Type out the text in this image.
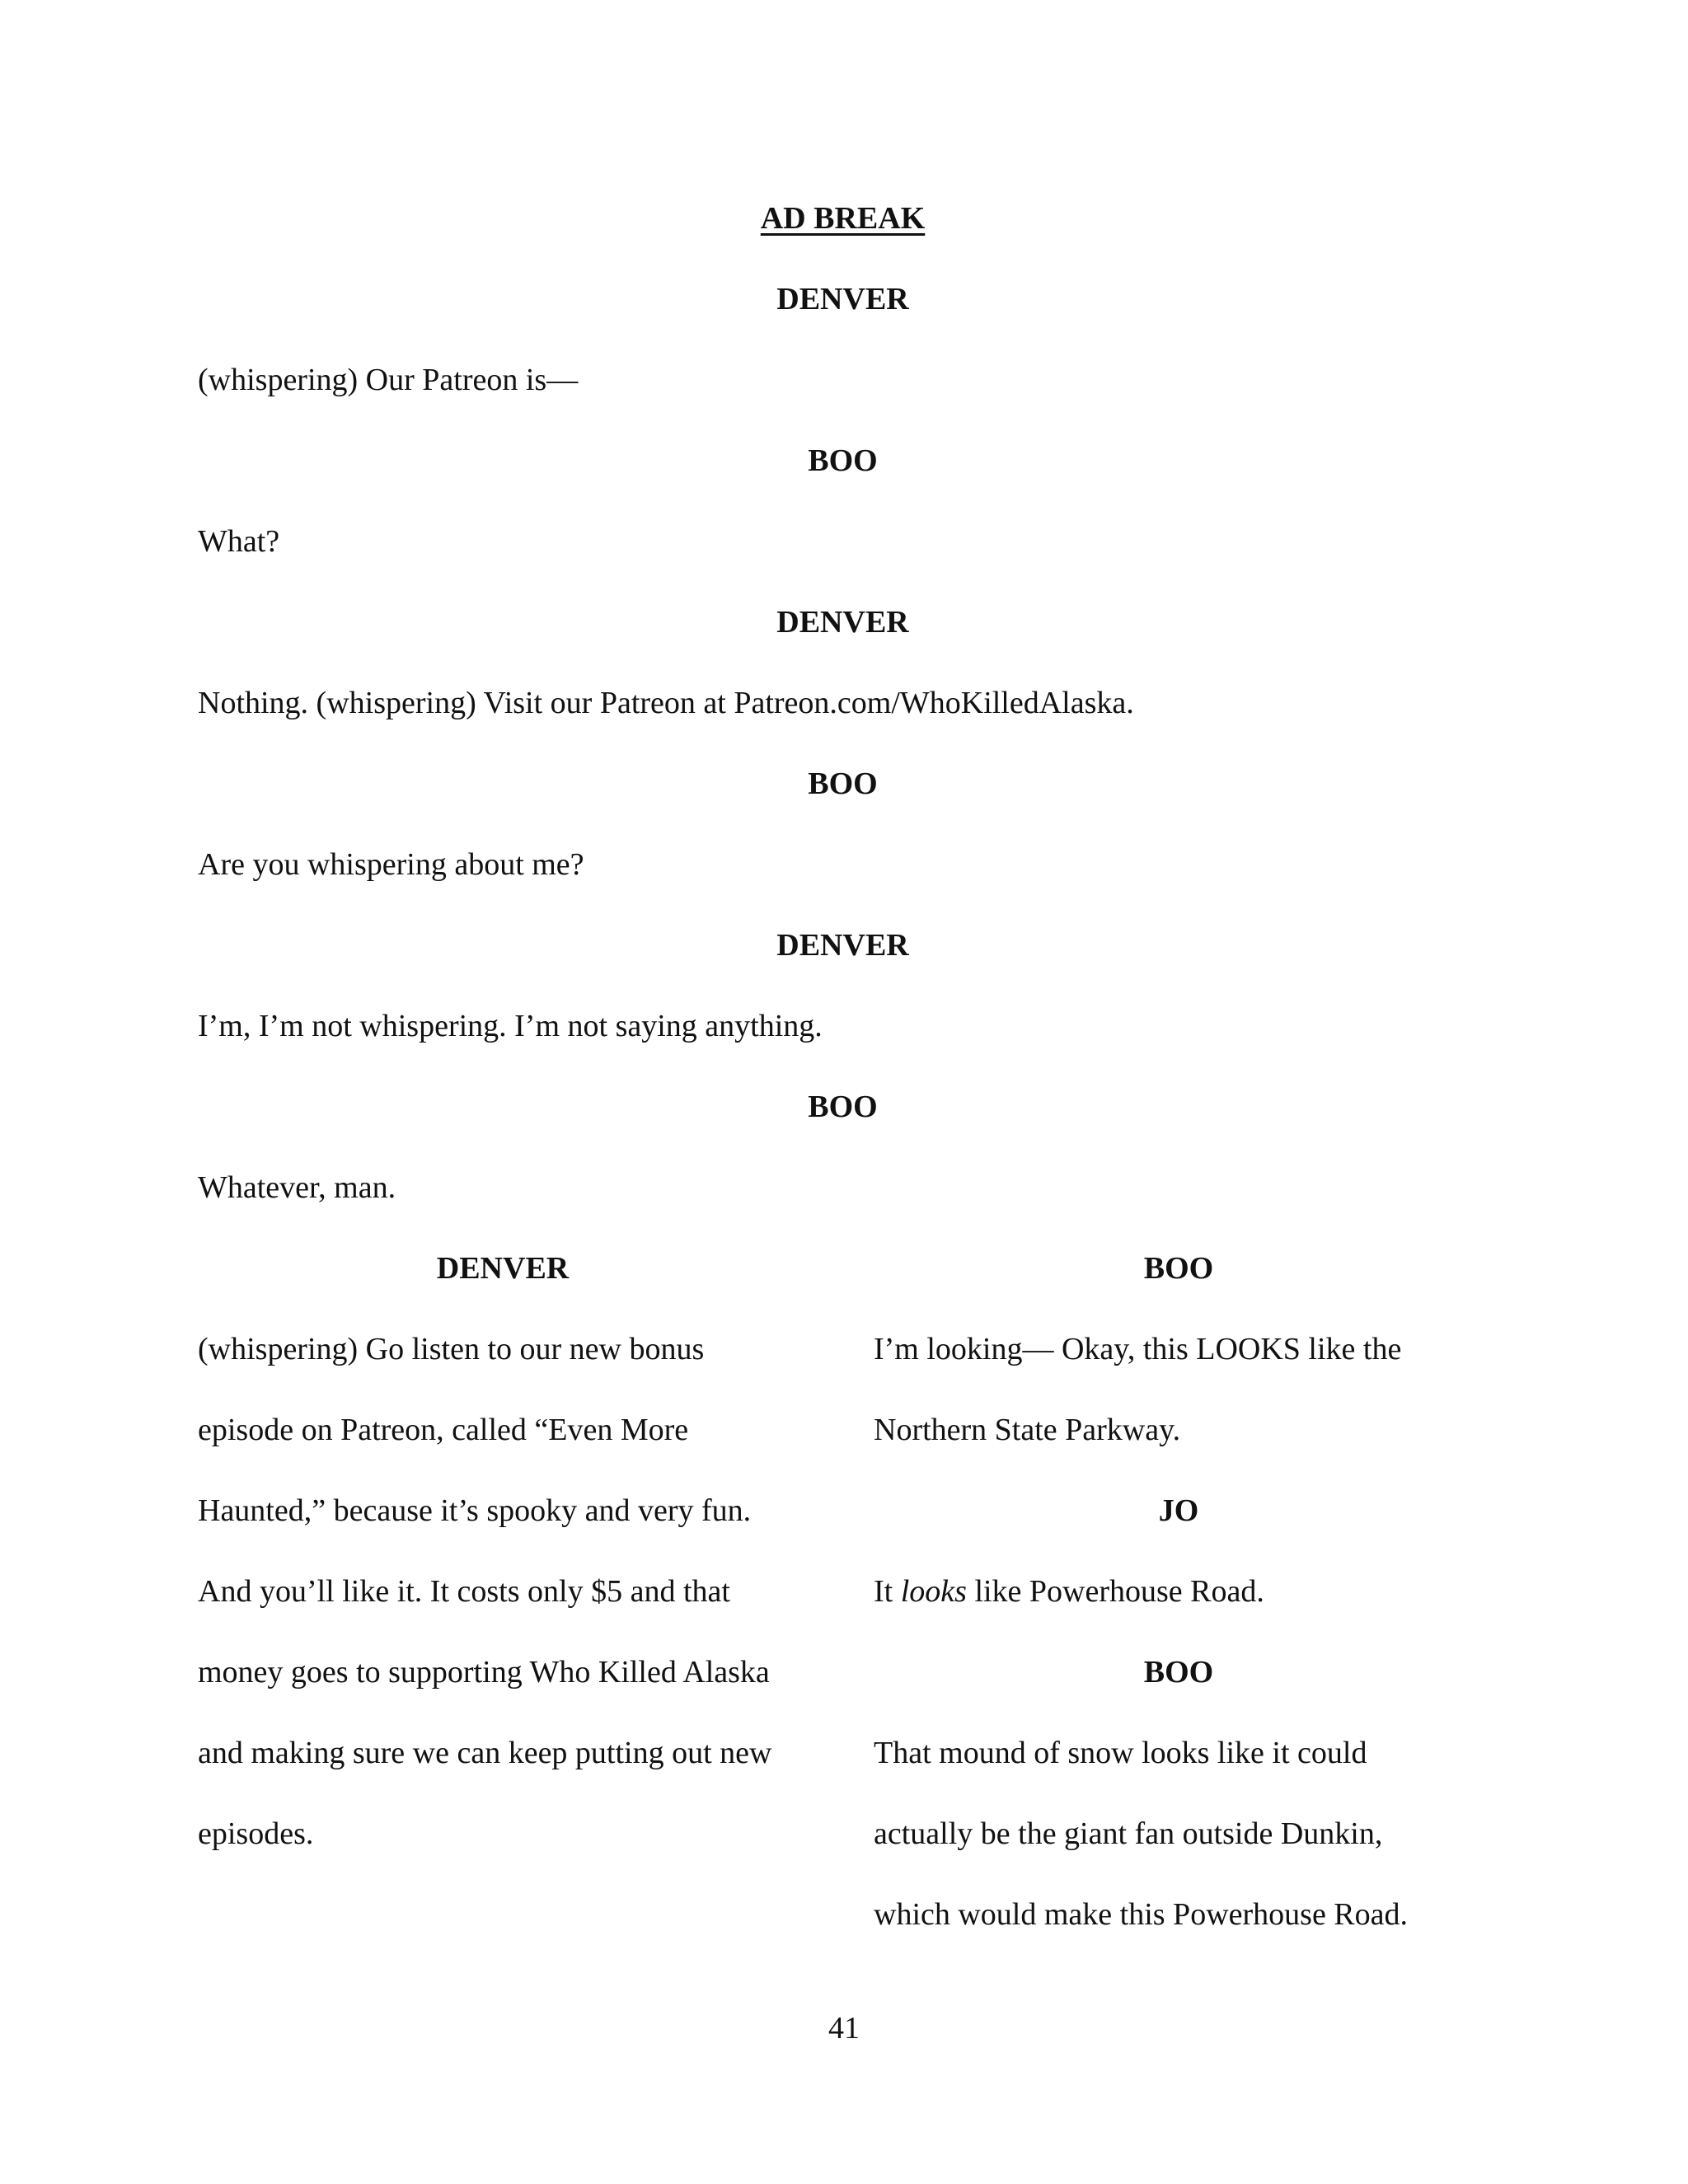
AD BREAK
DENVER
(whispering) Our Patreon is—
BOO
What?
DENVER
Nothing. (whispering) Visit our Patreon at Patreon.com/WhoKilledAlaska.
BOO
Are you whispering about me?
DENVER
I’m, I’m not whispering. I’m not saying anything.
BOO
Whatever, man.
DENVER
(whispering) Go listen to our new bonus
episode on Patreon, called “Even More
Haunted,” because it’s spooky and very fun.
And you’ll like it. It costs only $5 and that
money goes to supporting Who Killed Alaska
and making sure we can keep putting out new
episodes.
BOO
I’m looking— Okay, this LOOKS like the
Northern State Parkway.
JO
It looks like Powerhouse Road.
BOO
That mound of snow looks like it could
actually be the giant fan outside Dunkin,
which would make this Powerhouse Road.
41
